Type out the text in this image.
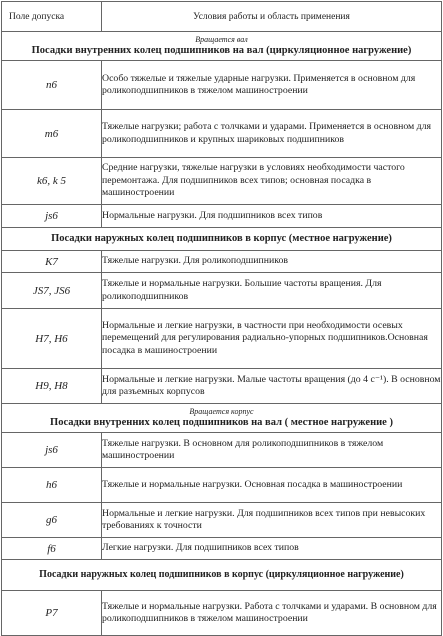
Поле допуска	Условия работы и область применения

Вращается вал
Посадки внутренних колец подшипников на вал (циркуляционное нагружение)	

n6	Особо тяжелые и тяжелые ударные нагрузки. Применяется в основном для роликоподшипников в тяжелом машиностроении
m6	Тяжелые нагрузки; работа с толчками и ударами. Применяется в основном для роликоподшипников и крупных шариковых подшипников
k6, k 5	Средние нагрузки, тяжелые нагрузки в условиях необходимости частого перемонтажа. Для подшипников всех типов; основная посадка в машиностроении
js6	Нормальные нагрузки. Для подшипников всех типов

Посадки наружных колец подшипников в корпус (местное нагружение)	

K7	Тяжелые нагрузки. Для роликоподшипников
JS7, JS6	Тяжелые и нормальные нагрузки. Большие частоты вращения. Для роликоподшипников
H7, H6	Нормальные и легкие нагрузки, в частности при необходимости осевых перемещений для регулирования радиально-упорных подшипников.Основная посадка в машиностроении
H9, H8	Нормальные и легкие нагрузки. Малые частоты вращения (до 4 с⁻¹). В основном для разъемных корпусов

Вращается корпус
Посадки внутренних колец подшипников на вал ( местное нагружение )	

js6	Тяжелые нагрузки. В основном для роликоподшипников в тяжелом машиностроении
h6	Тяжелые и нормальные нагрузки. Основная посадка в машиностроении
g6	Нормальные и легкие нагрузки. Для подшипников всех типов при невысоких требованиях к точности
f6	Легкие нагрузки. Для подшипников всех типов

Посадки наружных колец подшипников в корпус (циркуляционное нагружение)	

P7	Тяжелые и нормальные нагрузки. Работа с толчками и ударами. В основном для роликоподшипников в тяжелом машиностроении
